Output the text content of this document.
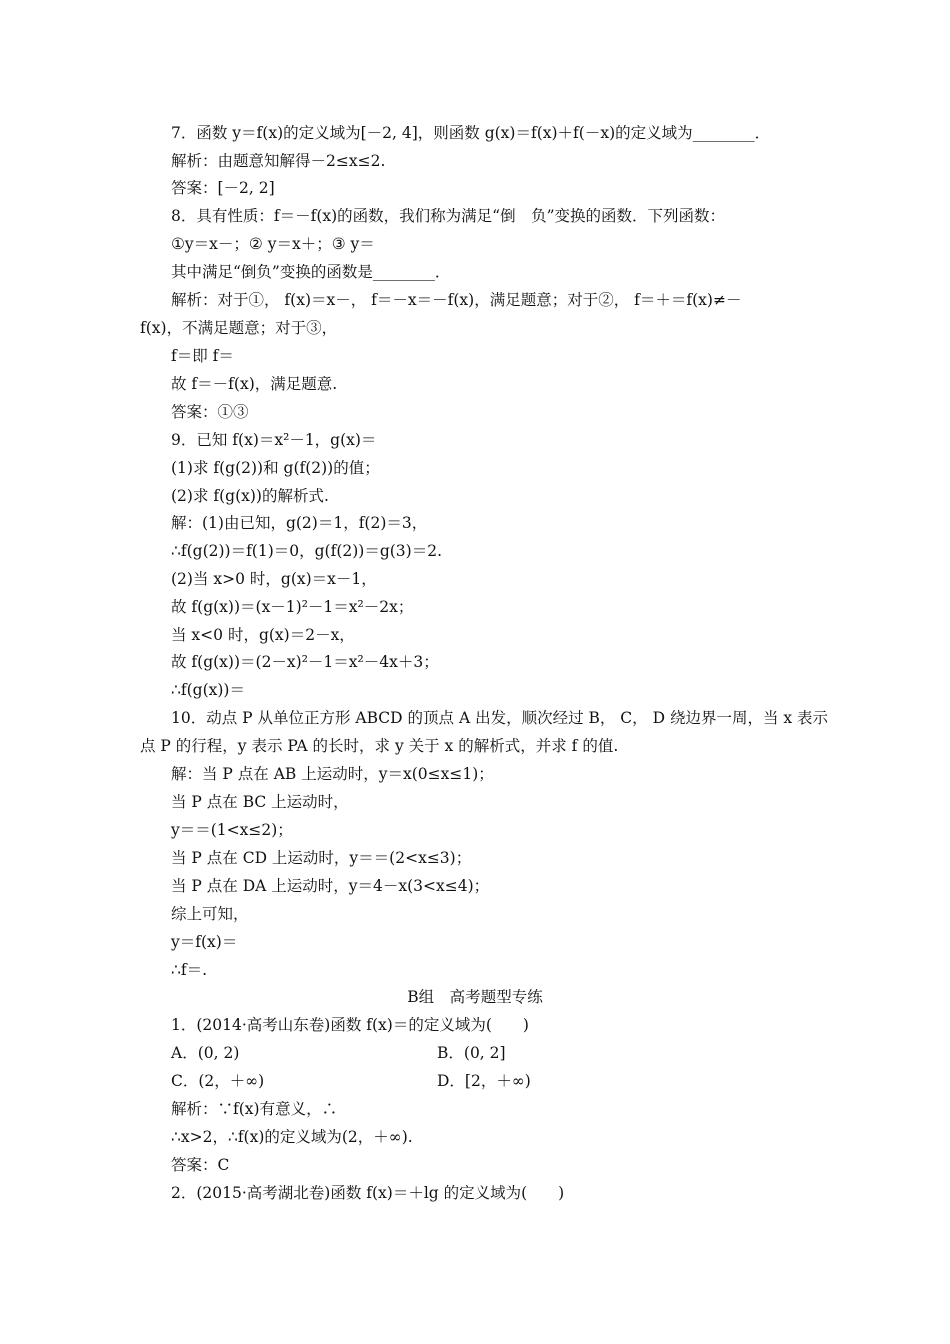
7．函数 y＝f(x)的定义域为[－2, 4]，则函数 g(x)＝f(x)＋f(－x)的定义域为________．
解析：由题意知解得－2≤x≤2.
答案：[－2, 2]
8．具有性质：f＝－f(x)的函数，我们称为满足“倒　负”变换的函数．下列函数：
①y＝x－；② y＝x＋；③ y＝
其中满足“倒负”变换的函数是________．
解析：对于①， f(x)＝x－， f＝－x＝－f(x)，满足题意；对于②， f＝＋＝f(x)≠－
f(x)，不满足题意；对于③，
f＝即 f＝
故 f＝－f(x)，满足题意.
答案：①③
9．已知 f(x)＝x²－1，g(x)＝
(1)求 f(g(2))和 g(f(2))的值；
(2)求 f(g(x))的解析式.
解：(1)由已知，g(2)＝1，f(2)＝3，
∴f(g(2))＝f(1)＝0，g(f(2))＝g(3)＝2.
(2)当 x>0 时，g(x)＝x－1，
故 f(g(x))＝(x－1)²－1＝x²－2x；
当 x<0 时，g(x)＝2－x，
故 f(g(x))＝(2－x)²－1＝x²－4x＋3；
∴f(g(x))＝
10．动点 P 从单位正方形 ABCD 的顶点 A 出发，顺次经过 B， C， D 绕边界一周，当 x 表示
点 P 的行程，y 表示 PA 的长时，求 y 关于 x 的解析式，并求 f 的值.
解：当 P 点在 AB 上运动时，y＝x(0≤x≤1)；
当 P 点在 BC 上运动时，
y＝＝(1<x≤2)；
当 P 点在 CD 上运动时，y＝＝(2<x≤3)；
当 P 点在 DA 上运动时，y＝4－x(3<x≤4)；
综上可知，
y＝f(x)＝
∴f＝.
B组　高考题型专练
1．(2014·高考山东卷)函数 f(x)＝的定义域为(　　)
A．(0, 2)	B．(0, 2]
C．(2，＋∞)	D．[2，＋∞)
解析：∵f(x)有意义，∴
∴x>2，∴f(x)的定义域为(2，＋∞).
答案：C
2．(2015·高考湖北卷)函数 f(x)＝＋lg 的定义域为(　　)
